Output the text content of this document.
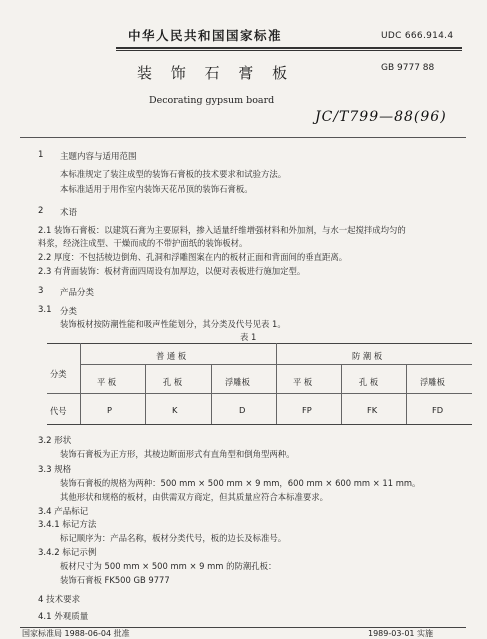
中华人民共和国国家标准	UDC 666.914.4
装 饰 石 膏 板	GB 9777 88
Decorating gypsum board
JC/T799—88(96)
1 主题内容与适用范围
本标准规定了装注成型的装饰石膏板的技术要求和试验方法。
本标准适用于用作室内装饰天花吊顶的装饰石膏板。
2 术语
2.1 装饰石膏板：以建筑石膏为主要原料，掺入适量纤维增强材料和外加剂，与水一起搅拌成均匀的
料浆，经浇注成型、干燥而成的不带护面纸的装饰板材。
2.2 厚度：不包括棱边倒角、孔洞和浮雕图案在内的板材正面和背面间的垂直距离。
2.3 有背面装饰：板材背面四周设有加厚边，以便对表板进行施加定型。
3 产品分类
3.1 分类
装饰板材按防潮性能和吸声性能划分，其分类及代号见表 1。
表 1
分类
普 通 板	防 潮 板
平 板	孔 板	浮雕板	平 板	孔 板	浮雕板
代号	P	K	D	FP	FK	FD
3.2 形状
装饰石膏板为正方形，其棱边断面形式有直角型和倒角型两种。
3.3 规格
装饰石膏板的规格为两种：500 mm × 500 mm × 9 mm，600 mm × 600 mm × 11 mm。
其他形状和规格的板材，由供需双方商定，但其质量应符合本标准要求。
3.4 产品标记
3.4.1 标记方法
标记顺序为：产品名称，板材分类代号，板的边长及标准号。
3.4.2 标记示例
板材尺寸为 500 mm × 500 mm × 9 mm 的防潮孔板：
装饰石膏板 FK500 GB 9777
4 技术要求
4.1 外观质量
国家标准局 1988-06-04 批准	1989-03-01 实施
